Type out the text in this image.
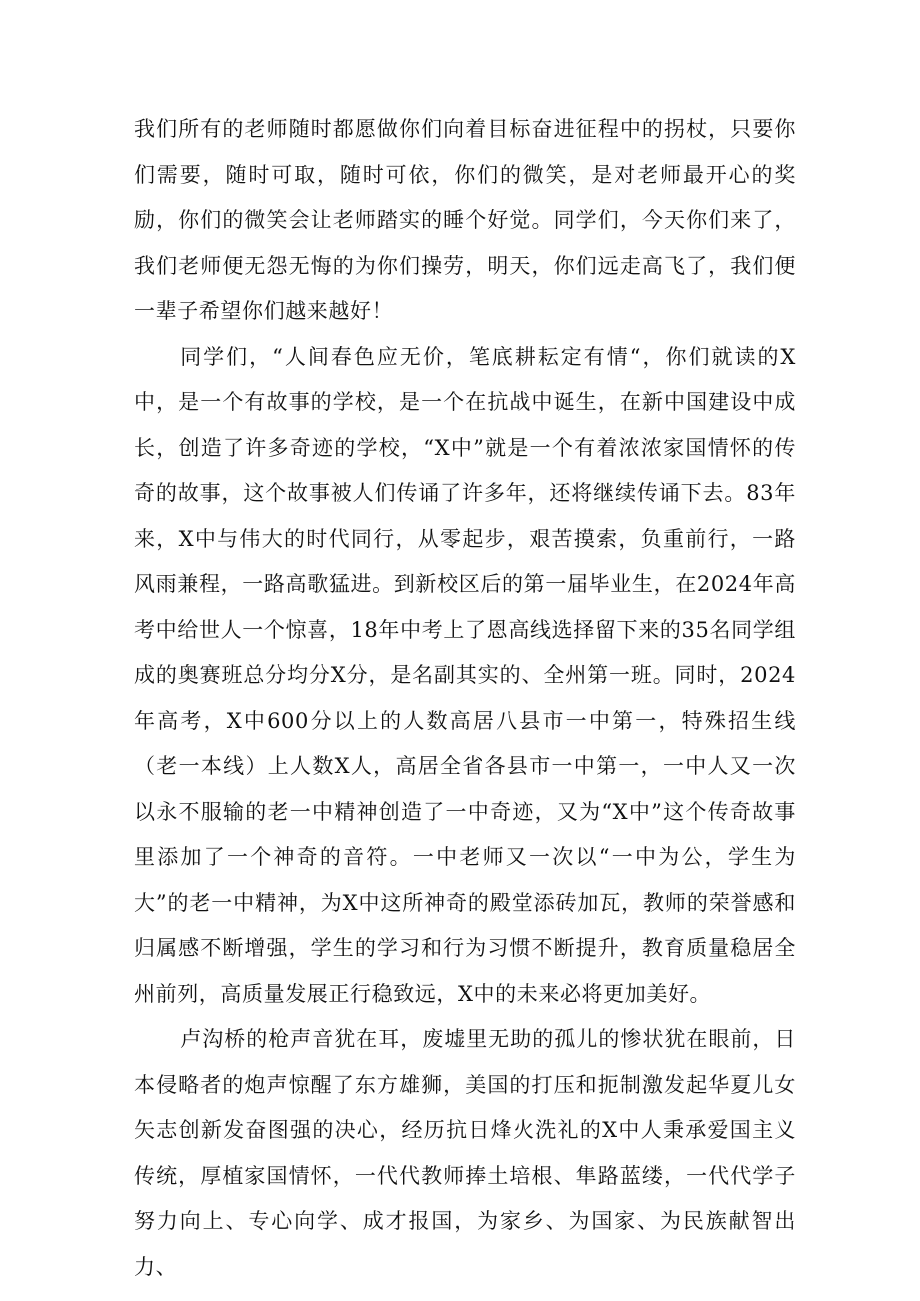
我们所有的老师随时都愿做你们向着目标奋进征程中的拐杖，只要你们需要，随时可取，随时可依，你们的微笑，是对老师最开心的奖励，你们的微笑会让老师踏实的睡个好觉。同学们，今天你们来了，我们老师便无怨无悔的为你们操劳，明天，你们远走高飞了，我们便一辈子希望你们越来越好！

同学们，“人间春色应无价，笔底耕耘定有情“，你们就读的X中，是一个有故事的学校，是一个在抗战中诞生，在新中国建设中成长，创造了许多奇迹的学校，“X中”就是一个有着浓浓家国情怀的传奇的故事，这个故事被人们传诵了许多年，还将继续传诵下去。83年来，X中与伟大的时代同行，从零起步，艰苦摸索，负重前行，一路风雨兼程，一路高歌猛进。到新校区后的第一届毕业生，在2024年高考中给世人一个惊喜，18年中考上了恩高线选择留下来的35名同学组成的奥赛班总分均分X分，是名副其实的、全州第一班。同时，2024年高考，X中600分以上的人数高居八县市一中第一，特殊招生线（老一本线）上人数X人，高居全省各县市一中第一，一中人又一次以永不服输的老一中精神创造了一中奇迹，又为“X中”这个传奇故事里添加了一个神奇的音符。一中老师又一次以“一中为公，学生为大”的老一中精神，为X中这所神奇的殿堂添砖加瓦，教师的荣誉感和归属感不断增强，学生的学习和行为习惯不断提升，教育质量稳居全州前列，高质量发展正行稳致远，X中的未来必将更加美好。

卢沟桥的枪声音犹在耳，废墟里无助的孤儿的惨状犹在眼前，日本侵略者的炮声惊醒了东方雄狮，美国的打压和扼制激发起华夏儿女矢志创新发奋图强的决心，经历抗日烽火洗礼的X中人秉承爱国主义传统，厚植家国情怀，一代代教师捧土培根、隼路蓝缕，一代代学子努力向上、专心向学、成才报国，为家乡、为国家、为民族献智出力、
